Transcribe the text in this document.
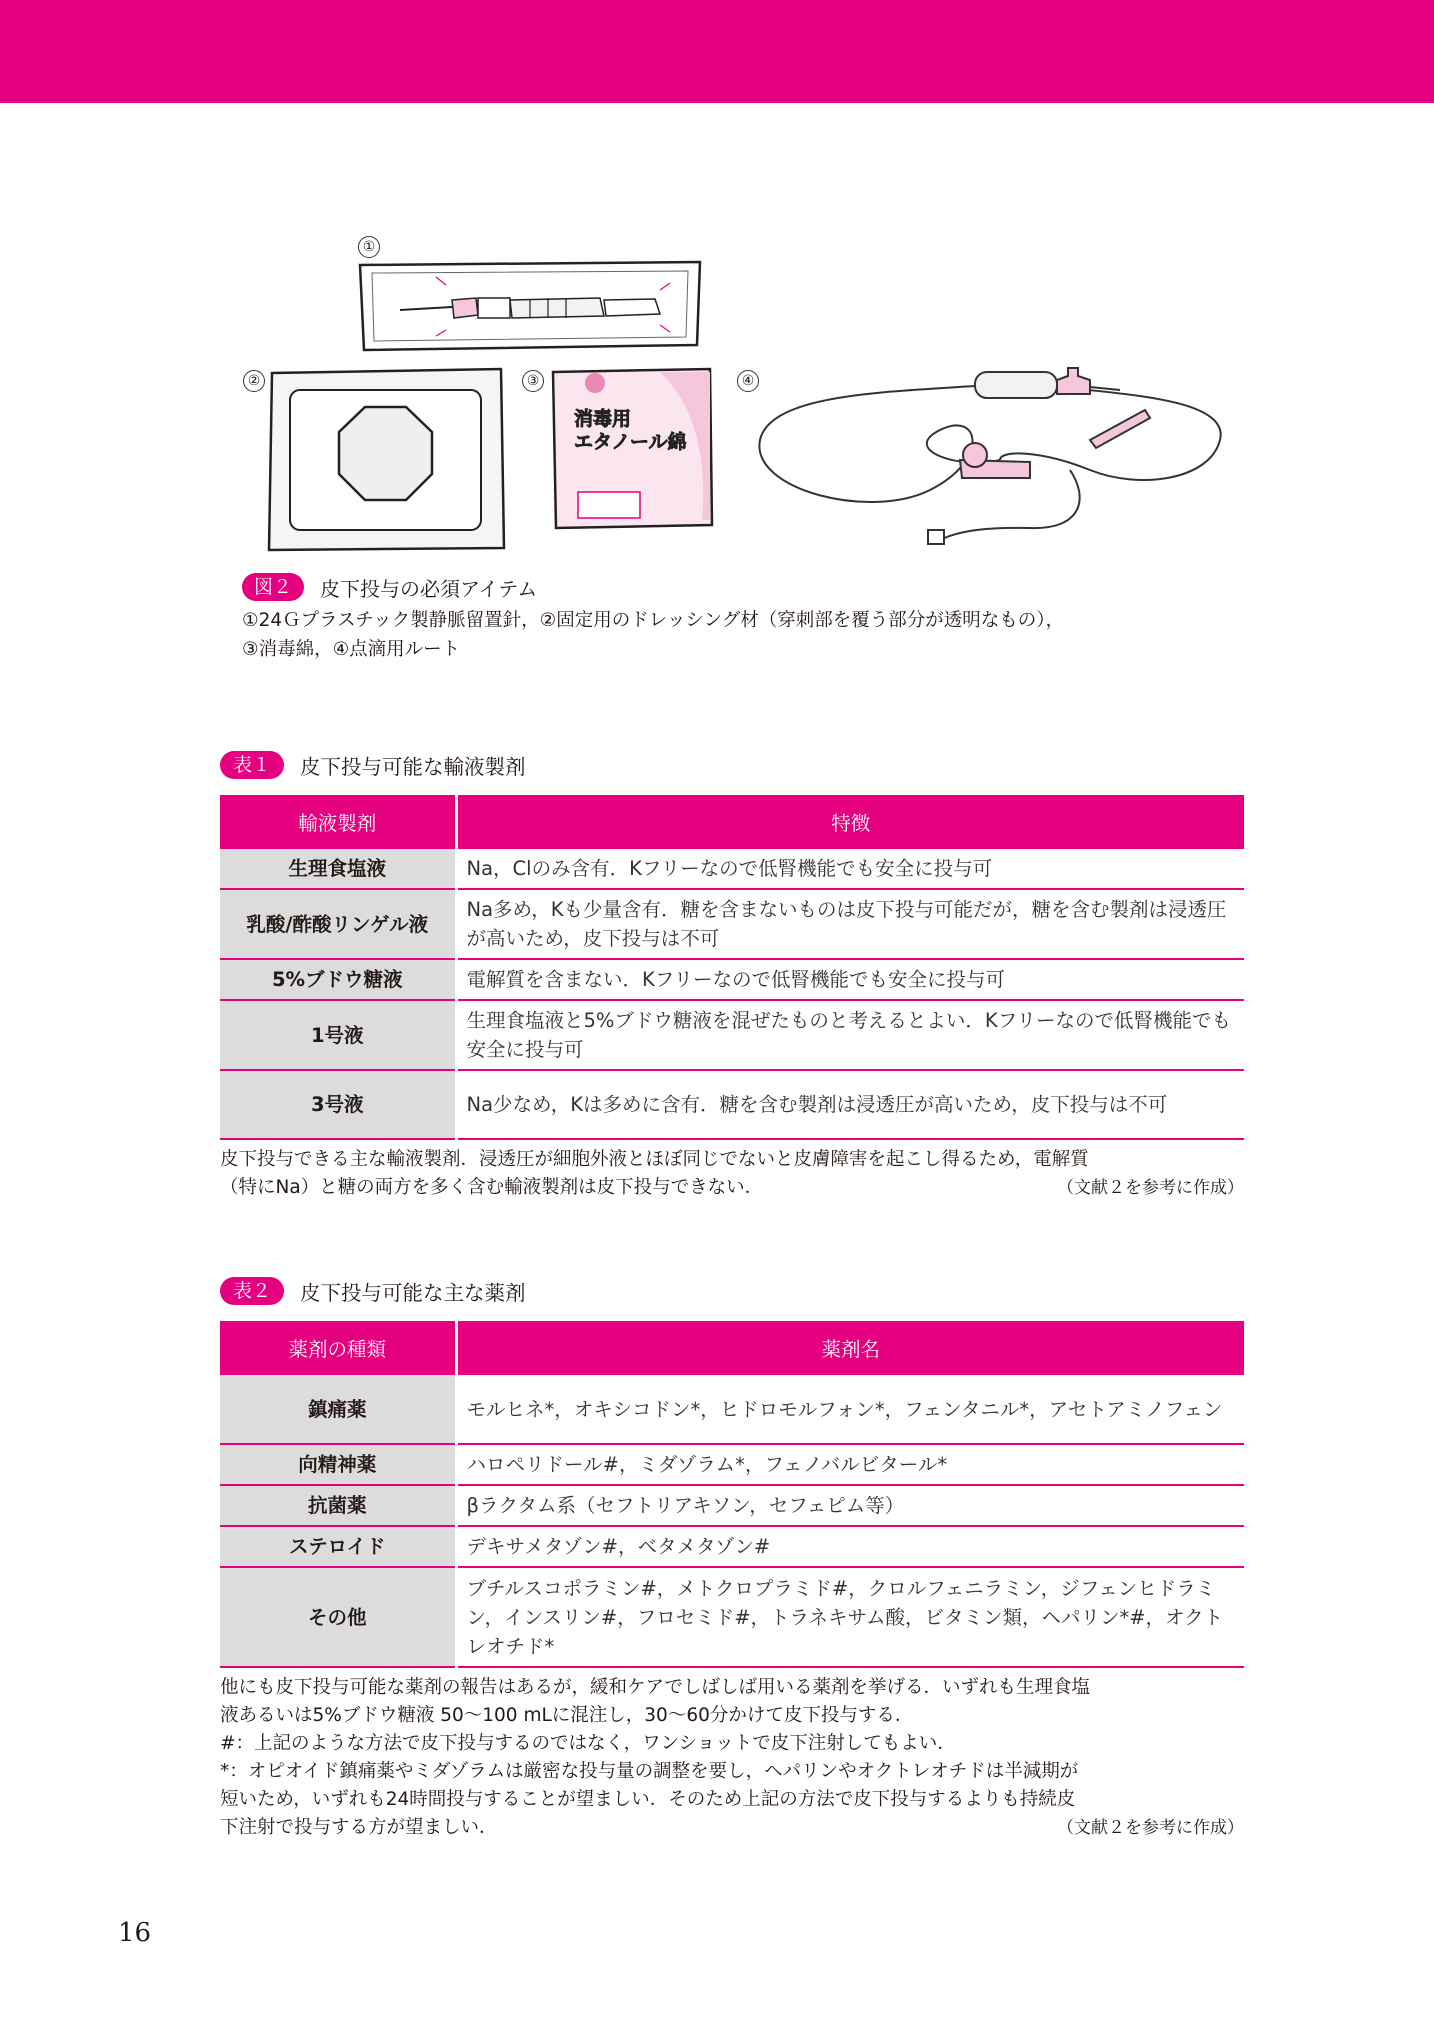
消毒用
エタノール綿
①
②	③	④
図２	皮下投与の必須アイテム
①24Ｇプラスチック製静脈留置針，②固定用のドレッシング材（穿刺部を覆う部分が透明なもの），
③消毒綿，④点滴用ルート
表１	皮下投与可能な輸液製剤
輸液製剤	特徴
生理食塩液	Na，Clのみ含有．Kフリーなので低腎機能でも安全に投与可
乳酸/酢酸リンゲル液	Na多め，Kも少量含有．糖を含まないものは皮下投与可能だが，糖を含む製剤は浸透圧が高いため，皮下投与は不可
5%ブドウ糖液	電解質を含まない．Kフリーなので低腎機能でも安全に投与可
1号液	生理食塩液と5%ブドウ糖液を混ぜたものと考えるとよい．Kフリーなので低腎機能でも安全に投与可
3号液	Na少なめ，Kは多めに含有．糖を含む製剤は浸透圧が高いため，皮下投与は不可
皮下投与できる主な輸液製剤．浸透圧が細胞外液とほぼ同じでないと皮膚障害を起こし得るため，電解質
（特にNa）と糖の両方を多く含む輸液製剤は皮下投与できない．	（文献２を参考に作成）
表２	皮下投与可能な主な薬剤
薬剤の種類	薬剤名
鎮痛薬	モルヒネ*，オキシコドン*，ヒドロモルフォン*，フェンタニル*，アセトアミノフェン
向精神薬	ハロペリドール#，ミダゾラム*，フェノバルビタール*
抗菌薬	βラクタム系（セフトリアキソン，セフェピム等）
ステロイド	デキサメタゾン#，ベタメタゾン#
その他	ブチルスコポラミン#，メトクロプラミド#，クロルフェニラミン，ジフェンヒドラミン，インスリン#，フロセミド#，トラネキサム酸，ビタミン類，ヘパリン*#，オクトレオチド*
他にも皮下投与可能な薬剤の報告はあるが，緩和ケアでしばしば用いる薬剤を挙げる．いずれも生理食塩
液あるいは5%ブドウ糖液 50〜100 mLに混注し，30〜60分かけて皮下投与する．
#：上記のような方法で皮下投与するのではなく，ワンショットで皮下注射してもよい．
*：オピオイド鎮痛薬やミダゾラムは厳密な投与量の調整を要し，ヘパリンやオクトレオチドは半減期が
短いため，いずれも24時間投与することが望ましい．そのため上記の方法で皮下投与するよりも持続皮
下注射で投与する方が望ましい．	（文献２を参考に作成）
16
